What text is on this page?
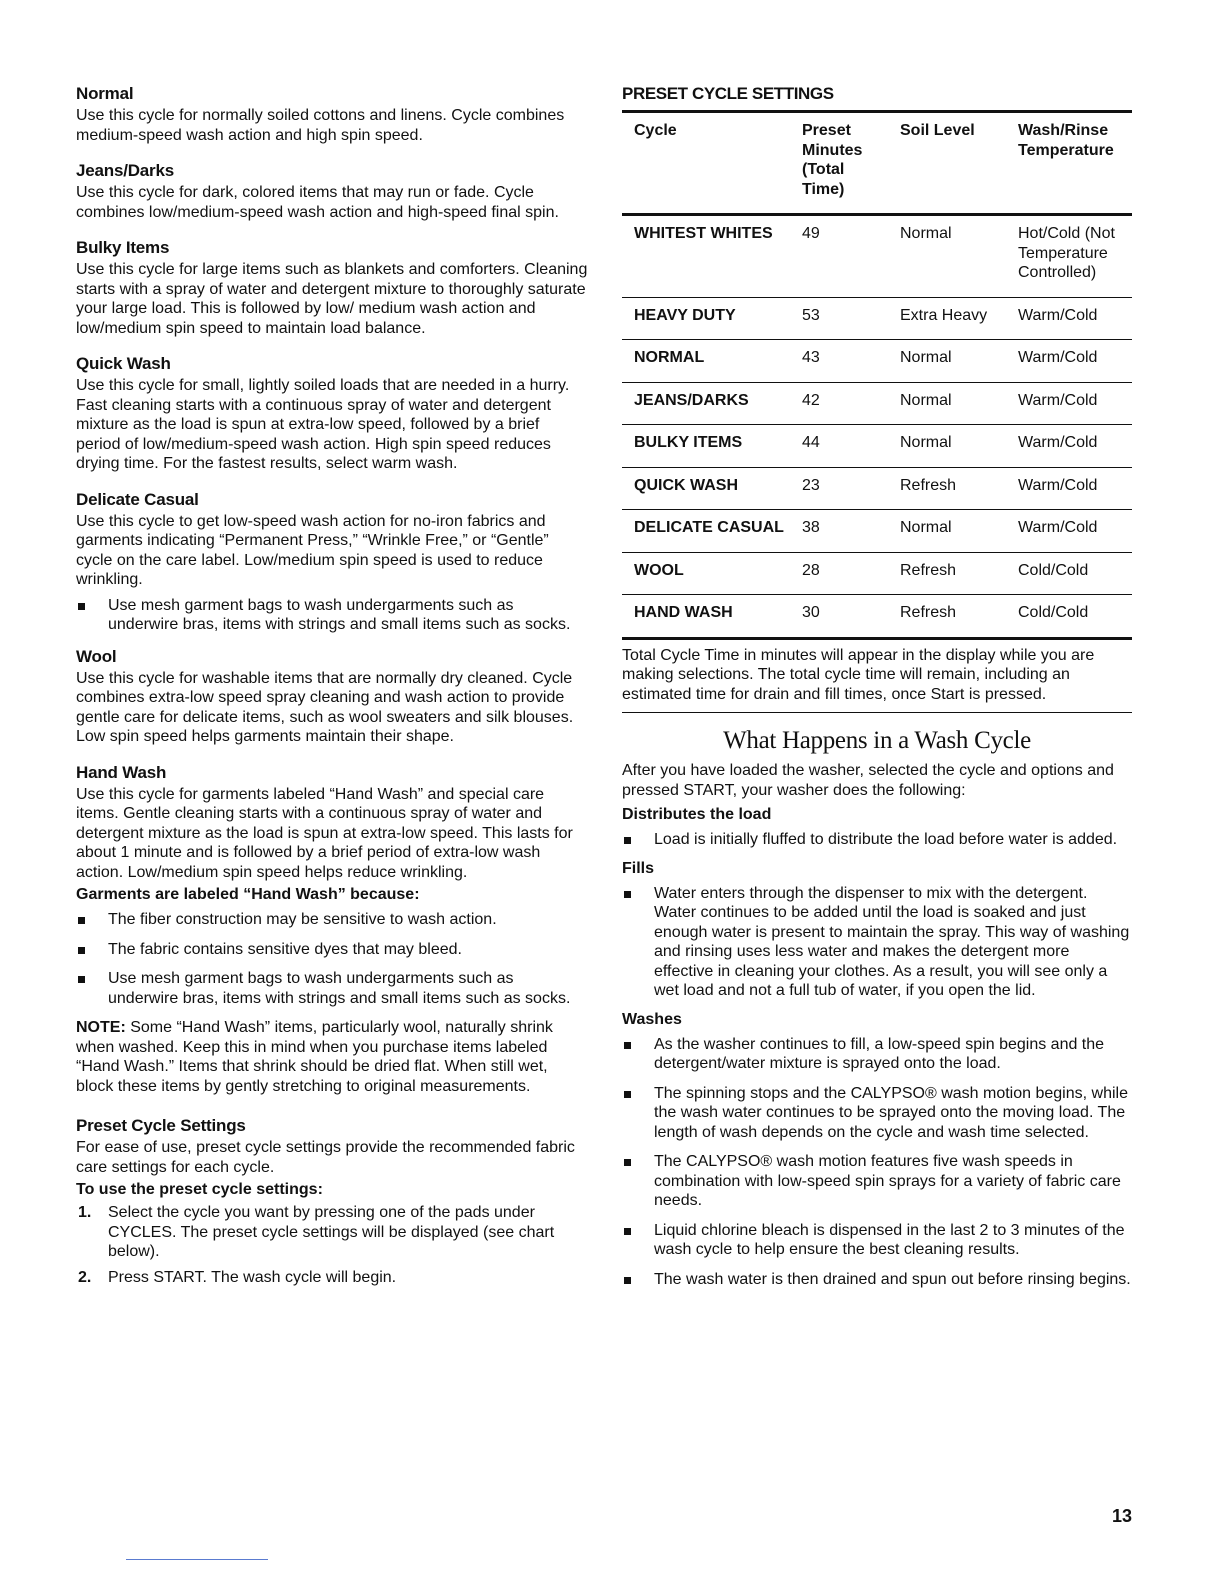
Normal

Use this cycle for normally soiled cottons and linens. Cycle combines medium-speed wash action and high spin speed.

Jeans/Darks

Use this cycle for dark, colored items that may run or fade. Cycle combines low/medium-speed wash action and high-speed final spin.

Bulky Items

Use this cycle for large items such as blankets and comforters. Cleaning starts with a spray of water and detergent mixture to thoroughly saturate your large load. This is followed by low/ medium wash action and low/medium spin speed to maintain load balance.

Quick Wash

Use this cycle for small, lightly soiled loads that are needed in a hurry. Fast cleaning starts with a continuous spray of water and detergent mixture as the load is spun at extra-low speed, followed by a brief period of low/medium-speed wash action. High spin speed reduces drying time. For the fastest results, select warm wash.

Delicate Casual

Use this cycle to get low-speed wash action for no-iron fabrics and garments indicating “Permanent Press,” “Wrinkle Free,” or “Gentle” cycle on the care label. Low/medium spin speed is used to reduce wrinkling.

Use mesh garment bags to wash undergarments such as underwire bras, items with strings and small items such as socks.
Wool

Use this cycle for washable items that are normally dry cleaned. Cycle combines extra-low speed spray cleaning and wash action to provide gentle care for delicate items, such as wool sweaters and silk blouses. Low spin speed helps garments maintain their shape.

Hand Wash

Use this cycle for garments labeled “Hand Wash” and special care items. Gentle cleaning starts with a continuous spray of water and detergent mixture as the load is spun at extra-low speed. This lasts for about 1 minute and is followed by a brief period of extra-low wash action. Low/medium spin speed helps reduce wrinkling.

Garments are labeled “Hand Wash” because:
The fiber construction may be sensitive to wash action.
The fabric contains sensitive dyes that may bleed.
Use mesh garment bags to wash undergarments such as underwire bras, items with strings and small items such as socks.

NOTE: Some “Hand Wash” items, particularly wool, naturally shrink when washed. Keep this in mind when you purchase items labeled “Hand Wash.” Items that shrink should be dried flat. When still wet, block these items by gently stretching to original measurements.

Preset Cycle Settings

For ease of use, preset cycle settings provide the recommended fabric care settings for each cycle.

To use the preset cycle settings:
1. Select the cycle you want by pressing one of the pads under CYCLES. The preset cycle settings will be displayed (see chart below).
2. Press START. The wash cycle will begin.
PRESET CYCLE SETTINGS
Cycle	Preset Minutes (Total Time)	Soil Level	Wash/Rinse Temperature
WHITEST WHITES	49	Normal	Hot/Cold (Not Temperature Controlled)
HEAVY DUTY	53	Extra Heavy	Warm/Cold
NORMAL	43	Normal	Warm/Cold
JEANS/DARKS	42	Normal	Warm/Cold
BULKY ITEMS	44	Normal	Warm/Cold
QUICK WASH	23	Refresh	Warm/Cold
DELICATE CASUAL	38	Normal	Warm/Cold
WOOL	28	Refresh	Cold/Cold
HAND WASH	30	Refresh	Cold/Cold

Total Cycle Time in minutes will appear in the display while you are making selections. The total cycle time will remain, including an estimated time for drain and fill times, once Start is pressed.

What Happens in a Wash Cycle

After you have loaded the washer, selected the cycle and options and pressed START, your washer does the following:

Distributes the load
Load is initially fluffed to distribute the load before water is added.
Fills
Water enters through the dispenser to mix with the detergent. Water continues to be added until the load is soaked and just enough water is present to maintain the spray. This way of washing and rinsing uses less water and makes the detergent more effective in cleaning your clothes. As a result, you will see only a wet load and not a full tub of water, if you open the lid.
Washes
As the washer continues to fill, a low-speed spin begins and the detergent/water mixture is sprayed onto the load.
The spinning stops and the CALYPSO® wash motion begins, while the wash water continues to be sprayed onto the moving load. The length of wash depends on the cycle and wash time selected.
The CALYPSO® wash motion features five wash speeds in combination with low-speed spin sprays for a variety of fabric care needs.
Liquid chlorine bleach is dispensed in the last 2 to 3 minutes of the wash cycle to help ensure the best cleaning results.
The wash water is then drained and spun out before rinsing begins.
13
